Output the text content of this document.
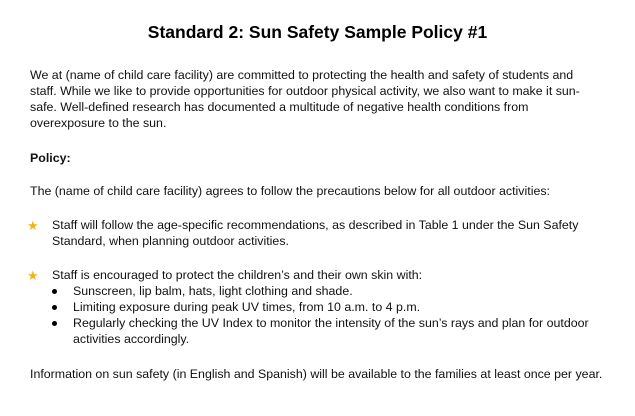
Standard 2: Sun Safety Sample Policy #1
We at (name of child care facility) are committed to protecting the health and safety of students and
staff. While we like to provide opportunities for outdoor physical activity, we also want to make it sun-
safe. Well-defined research has documented a multitude of negative health conditions from
overexposure to the sun.
Policy:
The (name of child care facility) agrees to follow the precautions below for all outdoor activities:
★ Staff will follow the age-specific recommendations, as described in Table 1 under the Sun Safety
Standard, when planning outdoor activities.
★ Staff is encouraged to protect the children’s and their own skin with:
Sunscreen, lip balm, hats, light clothing and shade.
Limiting exposure during peak UV times, from 10 a.m. to 4 p.m.
Regularly checking the UV Index to monitor the intensity of the sun’s rays and plan for outdoor
activities accordingly.
Information on sun safety (in English and Spanish) will be available to the families at least once per year.
